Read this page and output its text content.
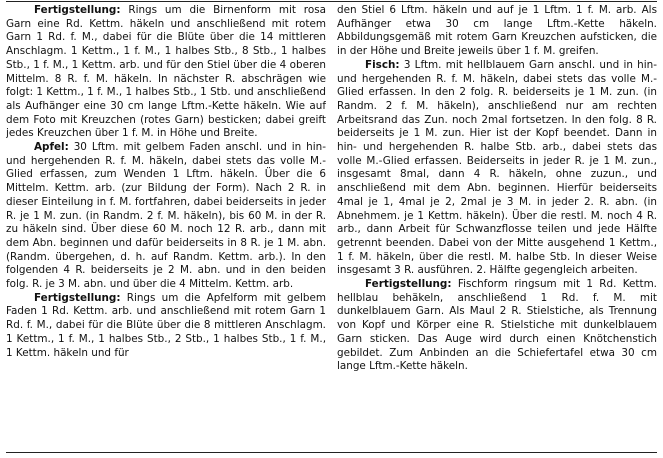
Fertigstellung: Rings um die Birnenform mit rosa Garn eine Rd. Kettm. häkeln und anschließend mit rotem Garn 1 Rd. f. M., dabei für die Blüte über die 14 mittleren Anschlagm. 1 Kettm., 1 f. M., 1 halbes Stb., 8 Stb., 1 halbes Stb., 1 f. M., 1 Kettm. arb. und für den Stiel über die 4 oberen Mittelm. 8 R. f. M. häkeln. In nächster R. abschrägen wie folgt: 1 Kettm., 1 f. M., 1 halbes Stb., 1 Stb. und anschließend als Aufhänger eine 30 cm lange Lftm.-Kette häkeln. Wie auf dem Foto mit Kreuzchen (rotes Garn) besticken; dabei greift jedes Kreuzchen über 1 f. M. in Höhe und Breite.

Apfel: 30 Lftm. mit gelbem Faden anschl. und in hin- und hergehenden R. f. M. häkeln, dabei stets das volle M.-Glied erfassen, zum Wenden 1 Lftm. häkeln. Über die 6 Mittelm. Kettm. arb. (zur Bildung der Form). Nach 2 R. in dieser Einteilung in f. M. fortfahren, dabei beiderseits in jeder R. je 1 M. zun. (in Randm. 2 f. M. häkeln), bis 60 M. in der R. zu häkeln sind. Über diese 60 M. noch 12 R. arb., dann mit dem Abn. beginnen und dafür beiderseits in 8 R. je 1 M. abn. (Randm. übergehen, d. h. auf Randm. Kettm. arb.). In den folgenden 4 R. beiderseits je 2 M. abn. und in den beiden folg. R. je 3 M. abn. und über die 4 Mittelm. Kettm. arb.

Fertigstellung: Rings um die Apfelform mit gelbem Faden 1 Rd. Kettm. arb. und anschließend mit rotem Garn 1 Rd. f. M., dabei für die Blüte über die 8 mittleren Anschlagm. 1 Kettm., 1 f. M., 1 halbes Stb., 2 Stb., 1 halbes Stb., 1 f. M., 1 Kettm. häkeln und für

den Stiel 6 Lftm. häkeln und auf je 1 Lftm. 1 f. M. arb. Als Aufhänger etwa 30 cm lange Lftm.-Kette häkeln. Abbildungsgemäß mit rotem Garn Kreuzchen aufsticken, die in der Höhe und Breite jeweils über 1 f. M. greifen.

Fisch: 3 Lftm. mit hellblauem Garn anschl. und in hin- und hergehenden R. f. M. häkeln, dabei stets das volle M.-Glied erfassen. In den 2 folg. R. beiderseits je 1 M. zun. (in Randm. 2 f. M. häkeln), anschließend nur am rechten Arbeitsrand das Zun. noch 2mal fortsetzen. In den folg. 8 R. beiderseits je 1 M. zun. Hier ist der Kopf beendet. Dann in hin- und hergehenden R. halbe Stb. arb., dabei stets das volle M.-Glied erfassen. Beiderseits in jeder R. je 1 M. zun., insgesamt 8mal, dann 4 R. häkeln, ohne zuzun., und anschließend mit dem Abn. beginnen. Hierfür beiderseits 4mal je 1, 4mal je 2, 2mal je 3 M. in jeder 2. R. abn. (in Abnehmem. je 1 Kettm. häkeln). Über die restl. M. noch 4 R. arb., dann Arbeit für Schwanzflosse teilen und jede Hälfte getrennt beenden. Dabei von der Mitte ausgehend 1 Kettm., 1 f. M. häkeln, über die restl. M. halbe Stb. In dieser Weise insgesamt 3 R. ausführen. 2. Hälfte gegengleich arbeiten.

Fertigstellung: Fischform ringsum mit 1 Rd. Kettm. hellblau behäkeln, anschließend 1 Rd. f. M. mit dunkelblauem Garn. Als Maul 2 R. Stielstiche, als Trennung von Kopf und Körper eine R. Stielstiche mit dunkelblauem Garn sticken. Das Auge wird durch einen Knötchenstich gebildet. Zum Anbinden an die Schiefertafel etwa 30 cm lange Lftm.-Kette häkeln.
